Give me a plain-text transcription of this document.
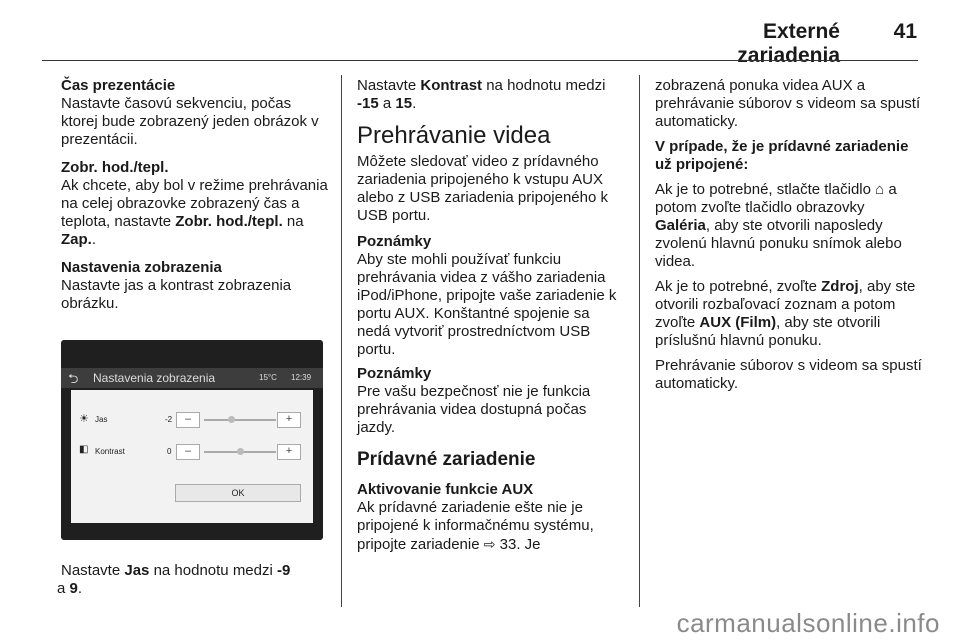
Externé zariadenia
41

Čas prezentácie
Nastavte časovú sekvenciu, počas ktorej bude zobrazený jeden obrázok v prezentácii.

Zobr. hod./tepl.
Ak chcete, aby bol v režime prehrávania na celej obrazovke zobrazený čas a teplota, nastavte Zobr. hod./tepl. na Zap..

Nastavenia zobrazenia
Nastavte jas a kontrast zobrazenia obrázku.

⮌ Nastavenia zobrazenia	15°C 12:39
☀ Jas	-2	–	+
◧ Kontrast	0	–	+
OK
Nastavte Jas na hodnotu medzi -9
a 9.

Nastavte Kontrast na hodnotu medzi -15 a 15.

Prehrávanie videa

Môžete sledovať video z prídavného zariadenia pripojeného k vstupu AUX alebo z USB zariadenia pripojeného k USB portu.

Poznámky
Aby ste mohli používať funkciu prehrávania videa z vášho zariadenia iPod/iPhone, pripojte vaše zariadenie k portu AUX. Konštantné spojenie sa nedá vytvoriť prostredníctvom USB portu.

Poznámky
Pre vašu bezpečnosť nie je funkcia prehrávania videa dostupná počas jazdy.

Prídavné zariadenie

Aktivovanie funkcie AUX
Ak prídavné zariadenie ešte nie je pripojené k informačnému systému, pripojte zariadenie ⇨ 33. Je

zobrazená ponuka videa AUX a prehrávanie súborov s videom sa spustí automaticky.

V prípade, že je prídavné zariadenie už pripojené:

Ak je to potrebné, stlačte tlačidlo ⌂ a potom zvoľte tlačidlo obrazovky Galéria, aby ste otvorili naposledy zvolenú hlavnú ponuku snímok alebo videa.

Ak je to potrebné, zvoľte Zdroj, aby ste otvorili rozbaľovací zoznam a potom zvoľte AUX (Film), aby ste otvorili príslušnú hlavnú ponuku.

Prehrávanie súborov s videom sa spustí automaticky.

carmanualsonline.info
